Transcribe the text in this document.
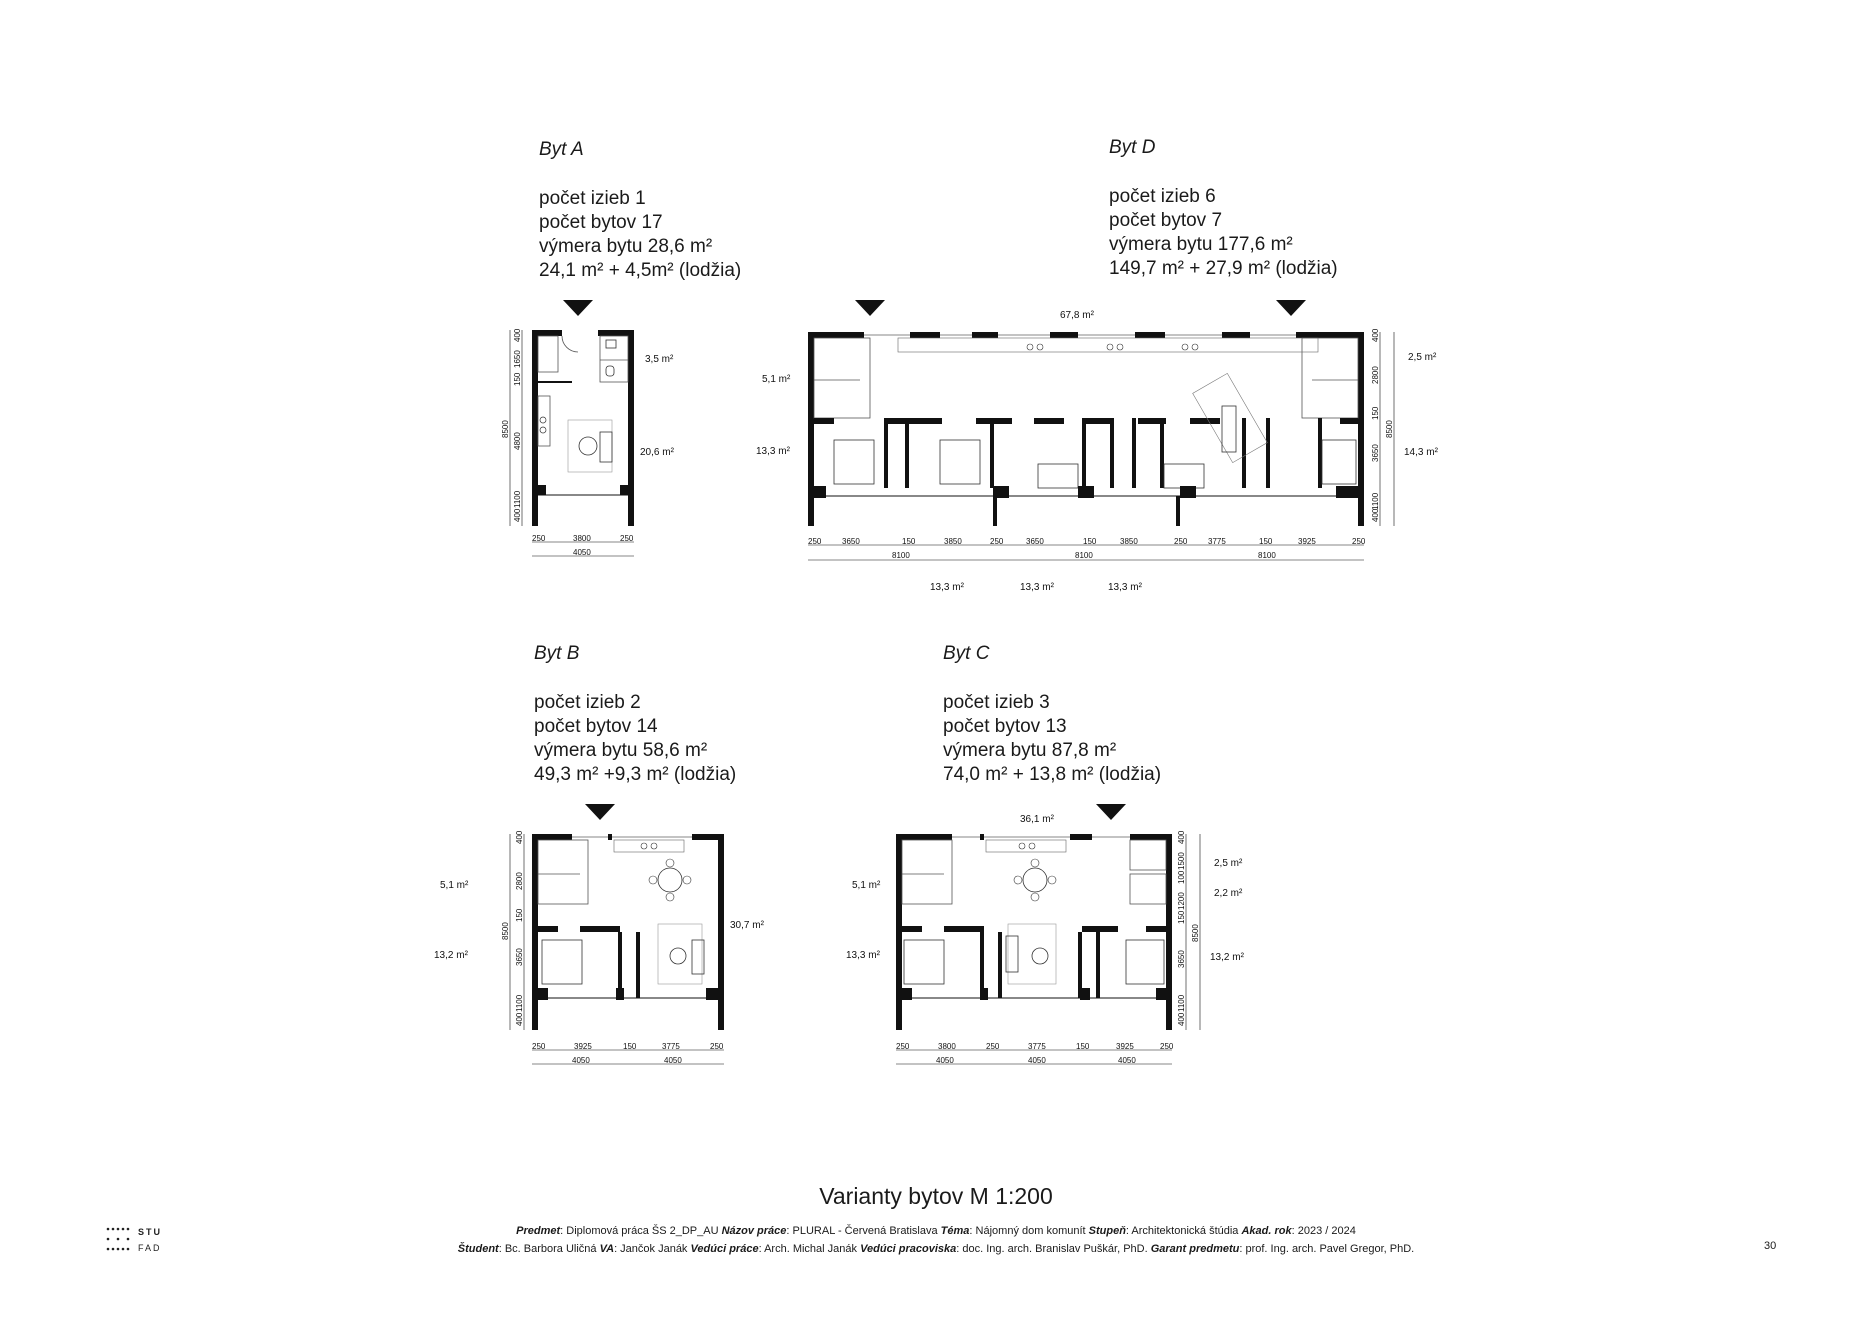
Byt A
počet izieb 1
počet bytov 17
výmera bytu 28,6 m²
24,1 m² + 4,5m² (lodžia)
400
1650
150
4800
1100
400
8500
250	3800	250
4050
3,5 m²
20,6 m²
Byt D
počet izieb 6
počet bytov 7
výmera bytu 177,6 m²
149,7 m² + 27,9 m² (lodžia)
250	3650	150	3850	250	3650	150	3850	250	3775	150	3925	250
8100	8100	8100
400
2800
150
3650
1100
400
8500
67,8 m²
5,1 m²
13,3 m²
2,5 m²
14,3 m²
13,3 m²	13,3 m²	13,3 m²
Byt B
počet izieb 2
počet bytov 14
výmera bytu 58,6 m²
49,3 m² +9,3 m² (lodžia)
400
2800
150
3650
1100
400
8500
250	3925	150	3775	250
4050	4050
5,1 m²
13,2 m²
30,7 m²
Byt C
počet izieb 3
počet bytov 13
výmera bytu 87,8 m²
74,0 m² + 13,8 m² (lodžia)
400
1500
100
1200
150
3650
1100
400
8500
250	3800	250	3775	150	3925	250
4050	4050	4050
36,1 m²
5,1 m²
13,3 m²
2,5 m²
2,2 m²
13,2 m²
Varianty bytov M 1:200
STU
FAD
Predmet: Diplomová práca ŠS 2_DP_AU Názov práce: PLURAL - Červená Bratislava Téma: Nájomný dom komunít Stupeň: Architektonická štúdia Akad. rok: 2023 / 2024
Študent: Bc. Barbora Uličná VA: Jančok Janák Vedúci práce: Arch. Michal Janák Vedúci pracoviska: doc. Ing. arch. Branislav Puškár, PhD. Garant predmetu: prof. Ing. arch. Pavel Gregor, PhD.	30
